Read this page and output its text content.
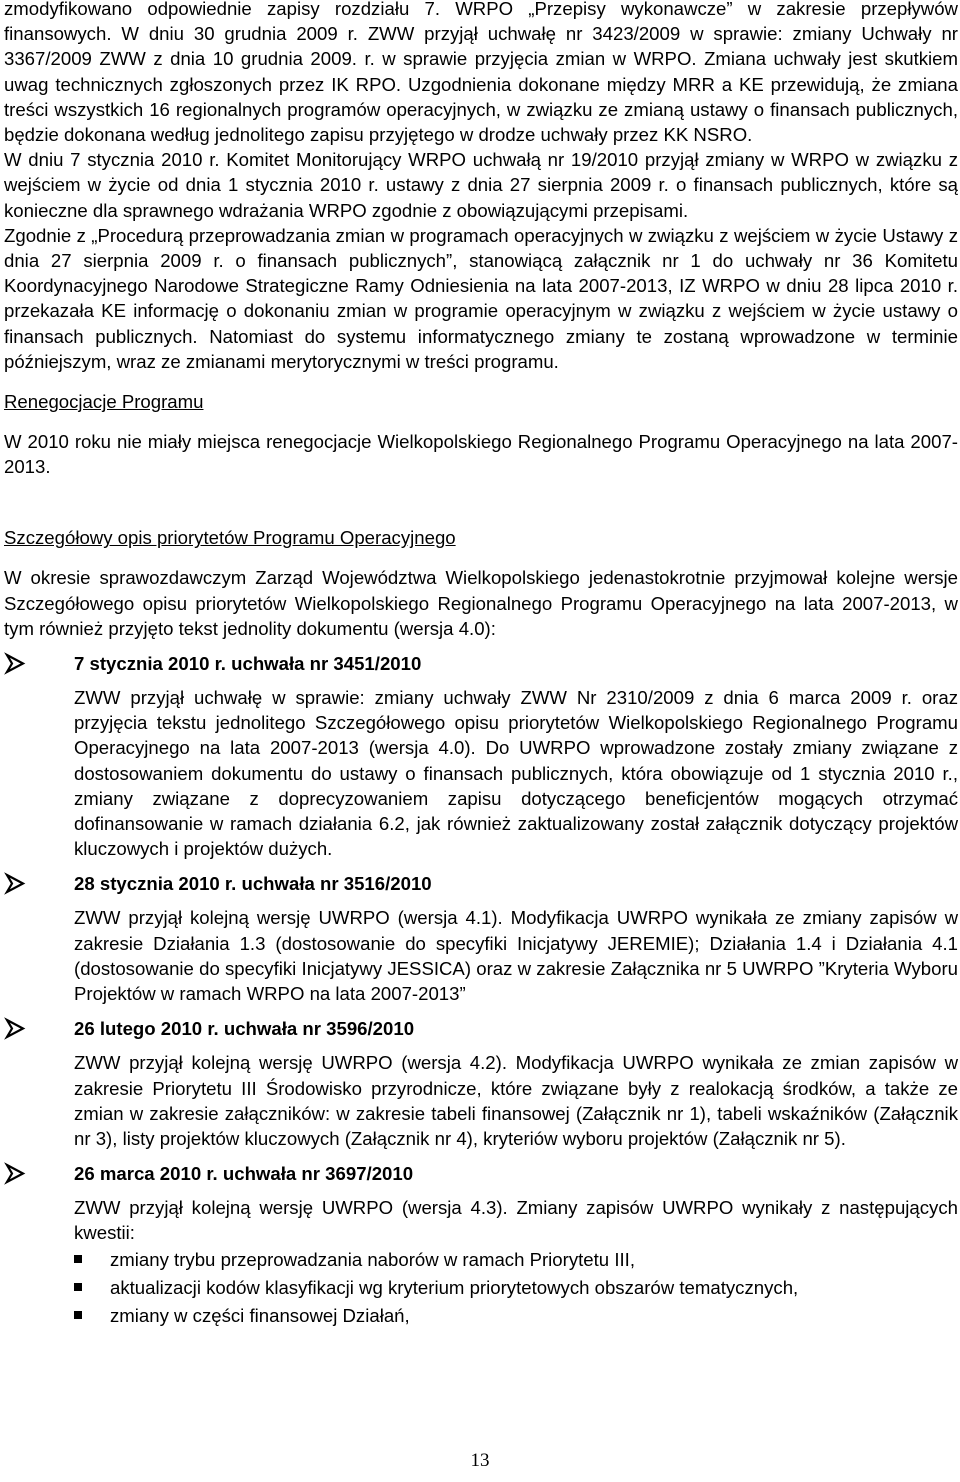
zmodyfikowano odpowiednie zapisy rozdziału 7. WRPO „Przepisy wykonawcze” w zakresie przepływów finansowych. W dniu 30 grudnia 2009 r. ZWW przyjął uchwałę nr 3423/2009 w sprawie: zmiany Uchwały nr 3367/2009 ZWW z dnia 10 grudnia 2009. r. w sprawie przyjęcia zmian w WRPO. Zmiana uchwały jest skutkiem uwag technicznych zgłoszonych przez IK RPO. Uzgodnienia dokonane między MRR a KE przewidują, że zmiana treści wszystkich 16 regionalnych programów operacyjnych, w związku ze zmianą ustawy o finansach publicznych, będzie dokonana według jednolitego zapisu przyjętego w drodze uchwały przez KK NSRO.

W dniu 7 stycznia 2010 r. Komitet Monitorujący WRPO uchwałą nr 19/2010 przyjął zmiany w WRPO w związku z wejściem w życie od dnia 1 stycznia 2010 r. ustawy z dnia 27 sierpnia 2009 r. o finansach publicznych, które są konieczne dla sprawnego wdrażania WRPO zgodnie z obowiązującymi przepisami.

Zgodnie z „Procedurą przeprowadzania zmian w programach operacyjnych w związku z wejściem w życie Ustawy z dnia 27 sierpnia 2009 r. o finansach publicznych”, stanowiącą załącznik nr 1 do uchwały nr 36 Komitetu Koordynacyjnego Narodowe Strategiczne Ramy Odniesienia na lata 2007-2013, IZ WRPO w dniu 28 lipca 2010 r. przekazała KE informację o dokonaniu zmian w programie operacyjnym w związku z wejściem w życie ustawy o finansach publicznych. Natomiast do systemu informatycznego zmiany te zostaną wprowadzone w terminie późniejszym, wraz ze zmianami merytorycznymi w treści programu.

Renegocjacje Programu

W 2010 roku nie miały miejsca renegocjacje Wielkopolskiego Regionalnego Programu Operacyjnego na lata 2007-2013.

Szczegółowy opis priorytetów Programu Operacyjnego

W okresie sprawozdawczym Zarząd Województwa Wielkopolskiego jedenastokrotnie przyjmował kolejne wersje Szczegółowego opisu priorytetów Wielkopolskiego Regionalnego Programu Operacyjnego na lata 2007-2013, w tym również przyjęto tekst jednolity dokumentu (wersja 4.0):

7 stycznia 2010 r. uchwała nr 3451/2010
ZWW przyjął uchwałę w sprawie: zmiany uchwały ZWW Nr 2310/2009 z dnia 6 marca 2009 r. oraz przyjęcia tekstu jednolitego Szczegółowego opisu priorytetów Wielkopolskiego Regionalnego Programu Operacyjnego na lata 2007-2013 (wersja 4.0). Do UWRPO wprowadzone zostały zmiany związane z dostosowaniem dokumentu do ustawy o finansach publicznych, która obowiązuje od 1 stycznia 2010 r., zmiany związane z doprecyzowaniem zapisu dotyczącego beneficjentów mogących otrzymać dofinansowanie w ramach działania 6.2, jak również zaktualizowany został załącznik dotyczący projektów kluczowych i projektów dużych.
28 stycznia 2010 r. uchwała nr 3516/2010
ZWW przyjął kolejną wersję UWRPO (wersja 4.1). Modyfikacja UWRPO wynikała ze zmiany zapisów w zakresie Działania 1.3 (dostosowanie do specyfiki Inicjatywy JEREMIE); Działania 1.4 i Działania 4.1 (dostosowanie do specyfiki Inicjatywy JESSICA) oraz w zakresie Załącznika nr 5 UWRPO ”Kryteria Wyboru Projektów w ramach WRPO na lata 2007-2013”
26 lutego 2010 r. uchwała nr 3596/2010
ZWW przyjął kolejną wersję UWRPO (wersja 4.2). Modyfikacja UWRPO wynikała ze zmian zapisów w zakresie Priorytetu III Środowisko przyrodnicze, które związane były z realokacją środków, a także ze zmian w zakresie załączników: w zakresie tabeli finansowej (Załącznik nr 1), tabeli wskaźników (Załącznik nr 3), listy projektów kluczowych (Załącznik nr 4), kryteriów wyboru projektów (Załącznik nr 5).
26 marca 2010 r. uchwała nr 3697/2010
ZWW przyjął kolejną wersję UWRPO (wersja 4.3). Zmiany zapisów UWRPO wynikały z następujących kwestii:
zmiany trybu przeprowadzania naborów w ramach Priorytetu III,
aktualizacji kodów klasyfikacji wg kryterium priorytetowych obszarów tematycznych,
zmiany w części finansowej Działań,
13
